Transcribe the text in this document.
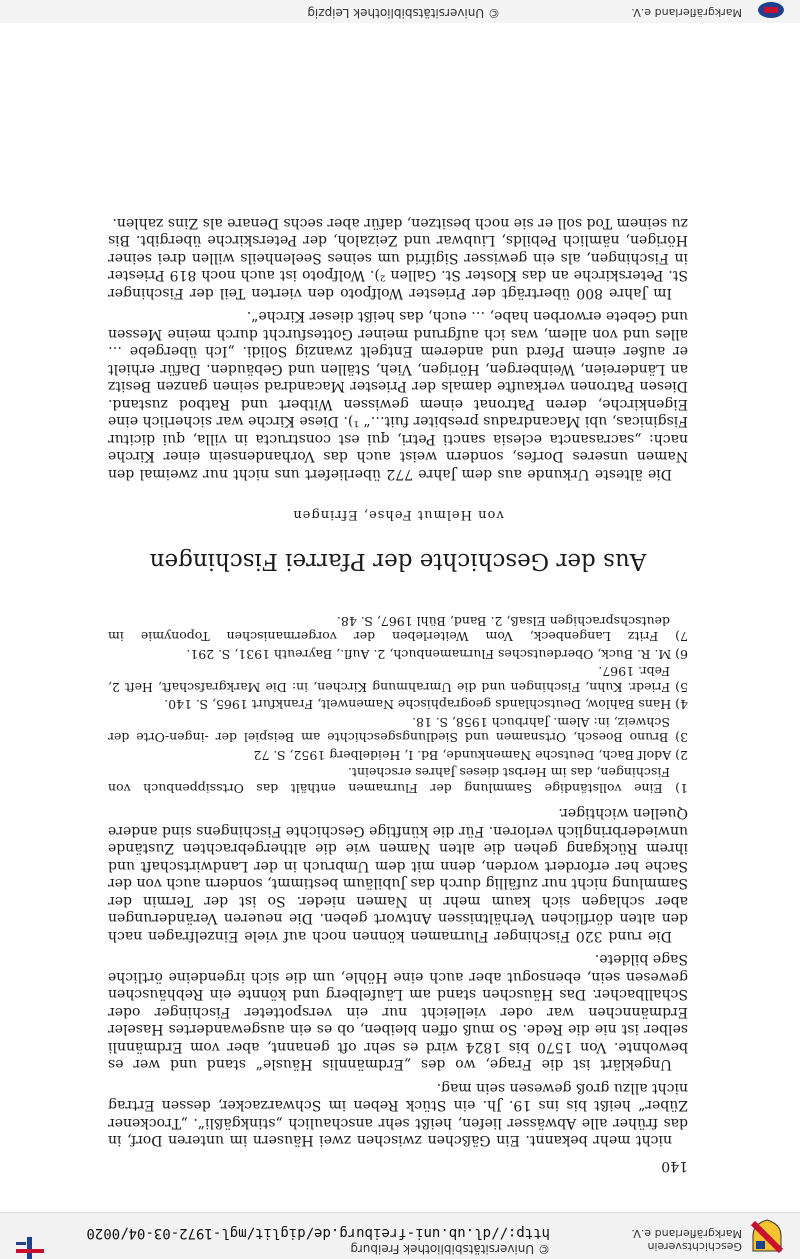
Geschichtsverein
Markgräflerland e.V.
© Universitätsbibliothek Freiburg
http://dl.ub.uni-freiburg.de/diglit/mgl-1972-03-04/0020
140

nicht mehr bekannt. Ein Gäßchen zwischen zwei Häusern im unteren Dorf, in das früher alle Abwässer liefen, heißt sehr anschaulich „stinkgäßli“. „Trockener Züber“ heißt bis ins 19. Jh. ein Stück Reben im Schwarzacker, dessen Ertrag nicht allzu groß gewesen sein mag.

Ungeklärt ist die Frage, wo des „Erdmännlis Häusle“ stand und wer es bewohnte. Von 1570 bis 1824 wird es sehr oft genannt, aber vom Erdmännli selber ist nie die Rede. So muß offen bleiben, ob es ein ausgewandertes Haseler Erdmännchen war oder vielleicht nur ein verspotteter Fischinger oder Schallbacher. Das Häuschen stand am Läufelberg und könnte ein Rebhäuschen gewesen sein, ebensogut aber auch eine Höhle, um die sich irgendeine örtliche Sage bildete.

Die rund 320 Fischinger Flurnamen können noch auf viele Einzelfragen nach den alten dörflichen Verhältnissen Antwort geben. Die neueren Veränderungen aber schlagen sich kaum mehr in Namen nieder. So ist der Termin der Sammlung nicht nur zufällig durch das Jubiläum bestimmt, sondern auch von der Sache her erfordert worden, denn mit dem Umbruch in der Landwirtschaft und ihrem Rückgang gehen die alten Namen wie die althergebrachten Zustände unwiederbringlich verloren. Für die künftige Geschichte Fischingens sind andere Quellen wichtiger.

1) Eine vollständige Sammlung der Flurnamen enthält das Ortssippenbuch von Fischingen, das im Herbst dieses Jahres erscheint.

2) Adolf Bach, Deutsche Namenkunde, Bd. I, Heidelberg 1952, S. 72

3) Bruno Boesch, Ortsnamen und Siedlungsgeschichte am Beispiel der -ingen-Orte der Schweiz, in: Alem. Jahrbuch 1958, S. 18.

4) Hans Bahlow, Deutschlands geographische Namenwelt, Frankfurt 1965, S. 140.

5) Friedr. Kuhn, Fischingen und die Umrahmung Kirchen, in: Die Markgrafschaft, Heft 2, Febr. 1967.

6) M. R. Buck, Oberdeutsches Flurnamenbuch, 2. Aufl., Bayreuth 1931, S. 291.

7) Fritz Langenbeck, Vom Weiterleben der vorgermanischen Toponymie im deutschsprachigen Elsaß, 2. Band, Bühl 1967, S. 48.

Aus der Geschichte der Pfarrei Fischingen
von Helmut Fehse, Efringen

Die älteste Urkunde aus dem Jahre 772 überliefert uns nicht nur zweimal den Namen unseres Dorfes, sondern weist auch das Vorhandensein einer Kirche nach: „sacrasancta eclesia sancti Petri, qui est constructa in villa, qui dicitur Fisginicas, ubi Macandradus presbiter fuit…“ ¹). Diese Kirche war sicherlich eine Eigenkirche, deren Patronat einem gewissen Witbert und Ratbod zustand. Diesen Patronen verkaufte damals der Priester Macandrad seinen ganzen Besitz an Ländereien, Weinbergen, Hörigen, Vieh, Ställen und Gebäuden. Dafür erhielt er außer einem Pferd und anderem Entgelt zwanzig Solidi. „Ich übergebe … alles und von allem, was ich aufgrund meiner Gottesfurcht durch meine Messen und Gebete erworben habe, … euch, das heißt dieser Kirche“.

Im Jahre 800 überträgt der Priester Wolfpoto den vierten Teil der Fischinger St. Peterskirche an das Kloster St. Gallen ²). Wolfpoto ist auch noch 819 Priester in Fischingen, als ein gewisser Sigifrid um seines Seelenheils willen drei seiner Hörigen, nämlich Pebilds, Liubwar und Zeizaloh, der Peterskirche übergibt. Bis zu seinem Tod soll er sie noch besitzen, dafür aber sechs Denare als Zins zahlen.

Markgräflerland e.V.
© Universitätsbibliothek Leipzig
